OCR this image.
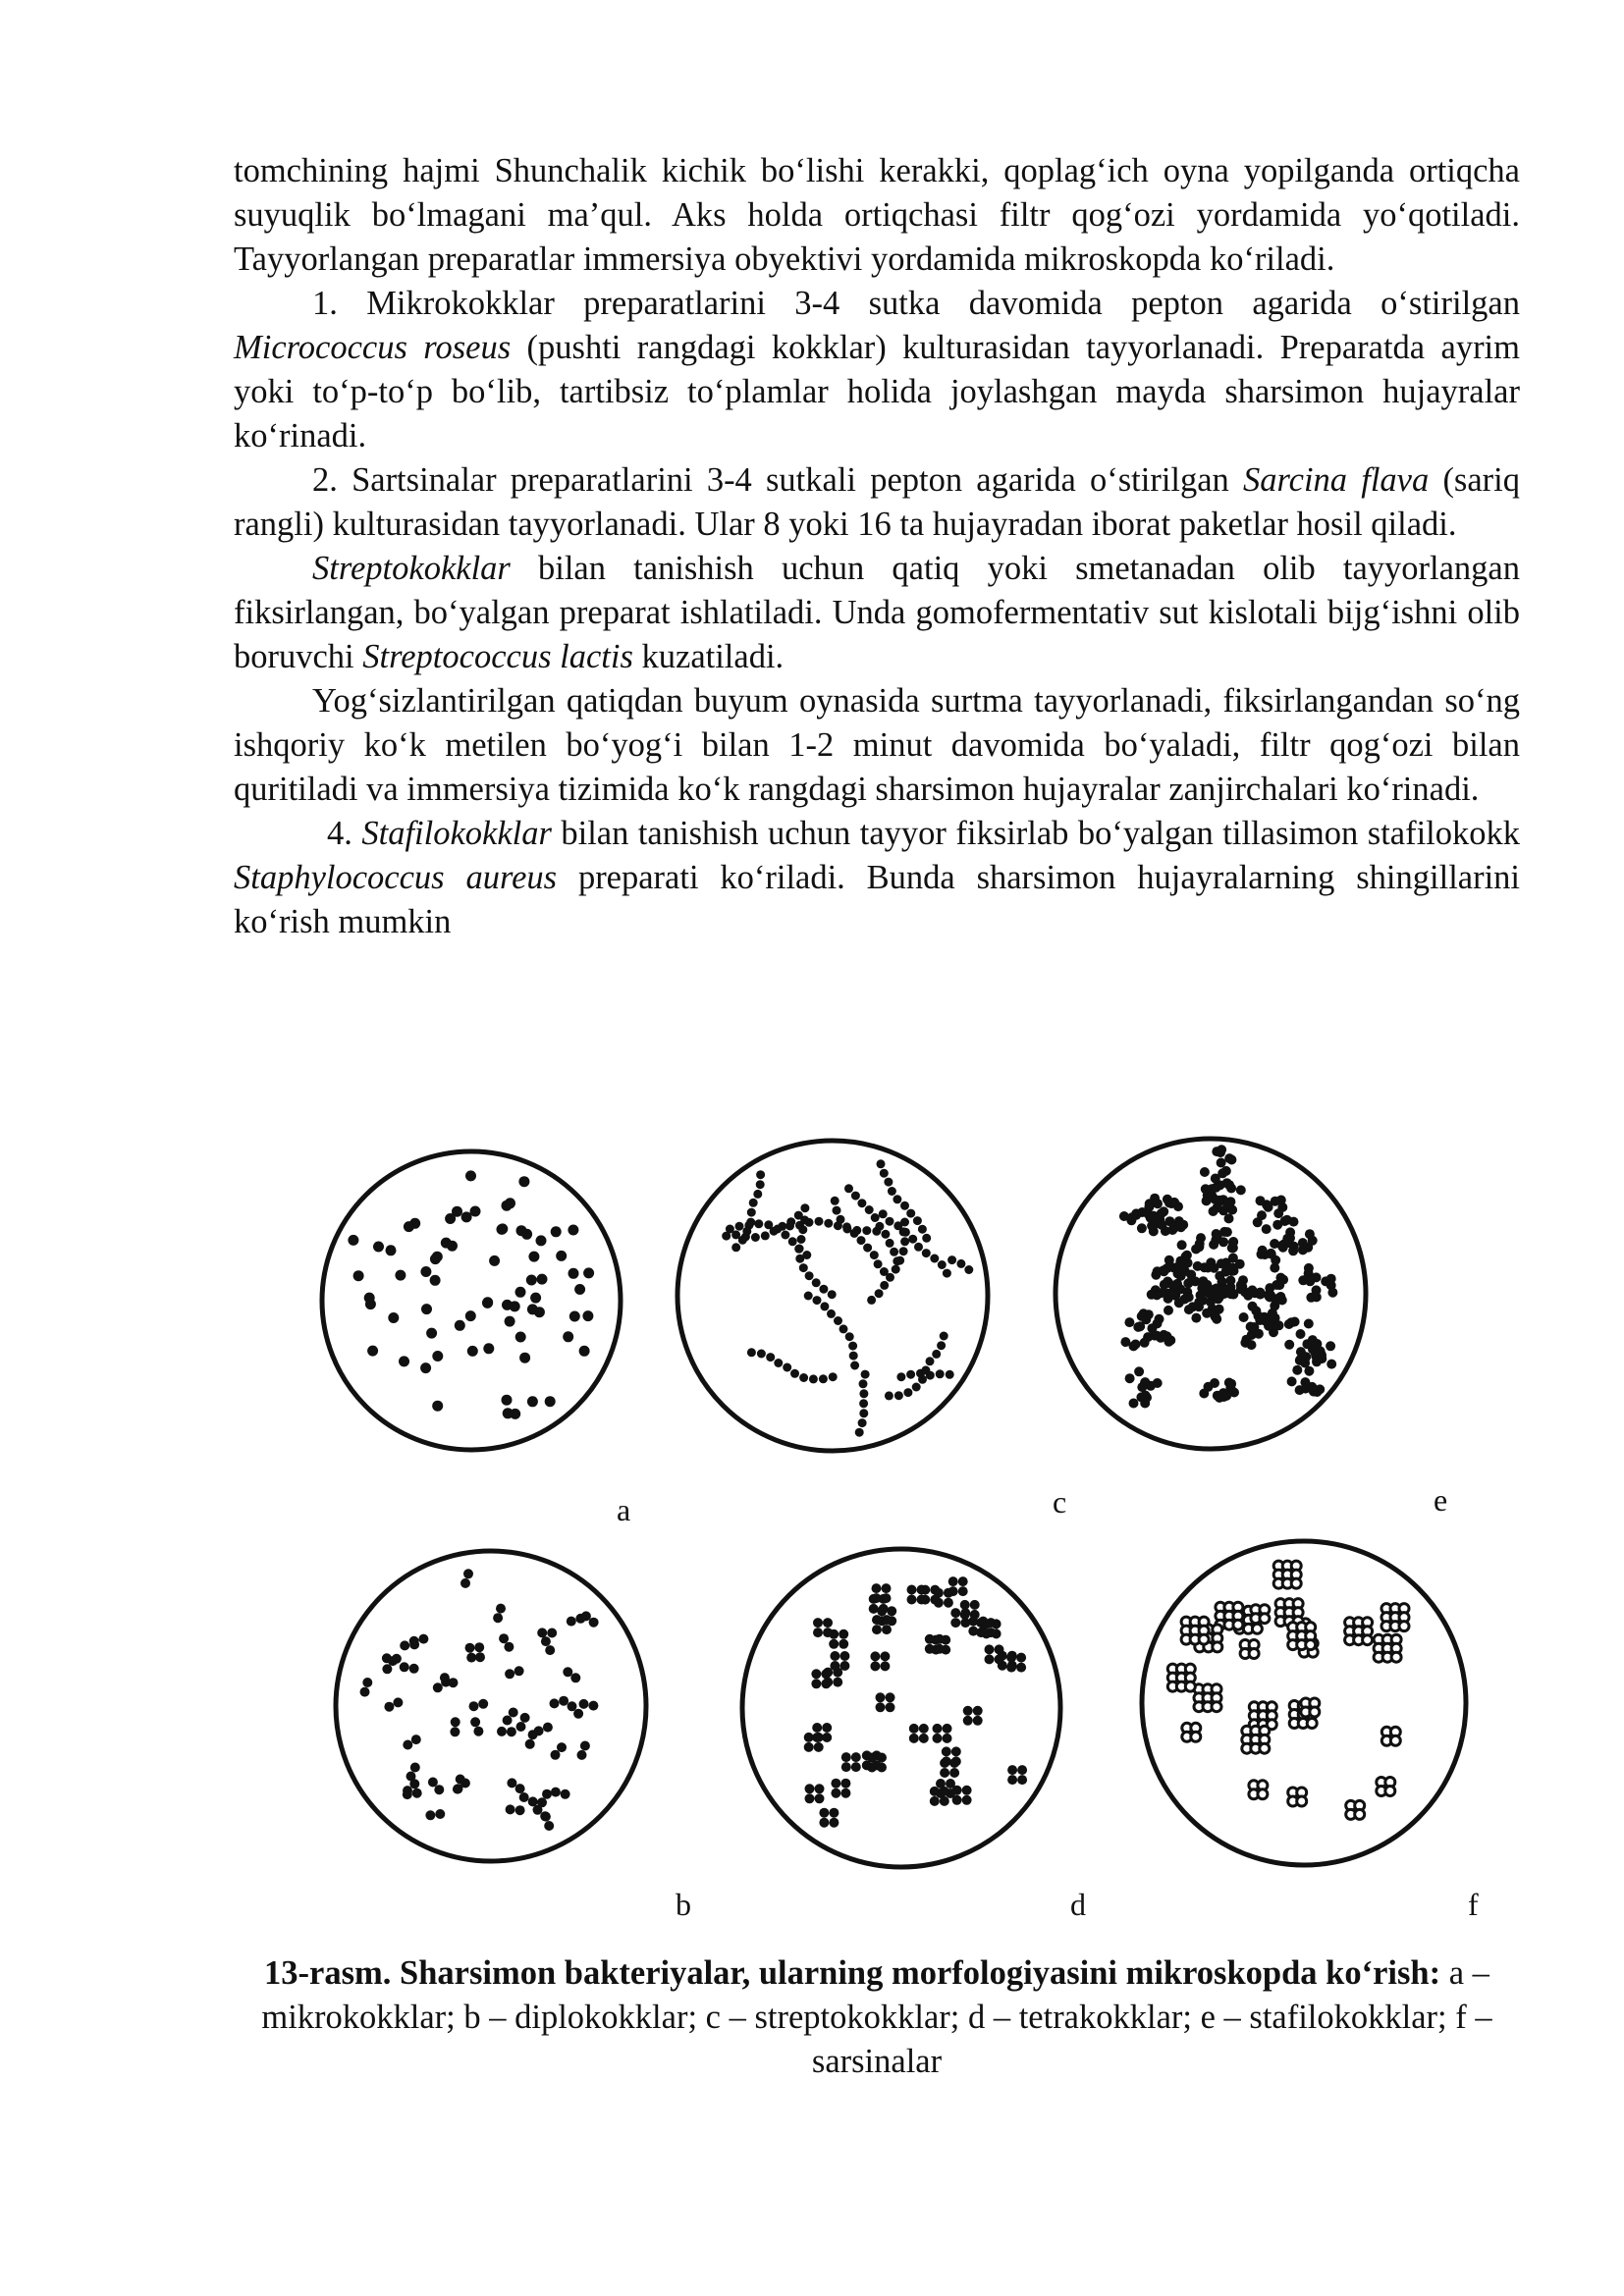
tomchining hajmi Shunchalik kichik bo‘lishi kerakki, qoplag‘ich oyna yopilganda ortiqcha suyuqlik bo‘lmagani ma’qul. Aks holda ortiqchasi filtr qog‘ozi yordamida yo‘qotiladi. Tayyorlangan preparatlar immersiya obyektivi yordamida mikroskopda ko‘riladi.

1. Mikrokokklar preparatlarini 3-4 sutka davomida pepton agarida o‘stirilgan Micrococcus roseus (pushti rangdagi kokklar) kulturasidan tayyorlanadi. Preparatda ayrim yoki to‘p-to‘p bo‘lib, tartibsiz to‘plamlar holida joylashgan mayda sharsimon hujayralar ko‘rinadi.

2. Sartsinalar preparatlarini 3-4 sutkali pepton agarida o‘stirilgan Sarcina flava (sariq rangli) kulturasidan tayyorlanadi. Ular 8 yoki 16 ta hujayradan iborat paketlar hosil qiladi.

Streptokokklar bilan tanishish uchun qatiq yoki smetanadan olib tayyorlangan fiksirlangan, bo‘yalgan preparat ishlatiladi. Unda gomofermentativ sut kislotali bijg‘ishni olib boruvchi Streptococcus lactis kuzatiladi.

Yog‘sizlantirilgan qatiqdan buyum oynasida surtma tayyorlanadi, fiksirlangandan so‘ng ishqoriy ko‘k metilen bo‘yog‘i bilan 1-2 minut davomida bo‘yaladi, filtr qog‘ozi bilan quritiladi va immersiya tizimida ko‘k rangdagi sharsimon hujayralar zanjirchalari ko‘rinadi.

4. Stafilokokklar bilan tanishish uchun tayyor fiksirlab bo‘yalgan tillasimon stafilokokk Staphylococcus aureus preparati ko‘riladi. Bunda sharsimon hujayralarning shingillarini ko‘rish mumkin

a	c	e
b	d	f
13-rasm. Sharsimon bakteriyalar, ularning morfologiyasini mikroskopda ko‘rish: a – mikrokokklar; b – diplokokklar; c – streptokokklar; d – tetrakokklar; e – stafilokokklar; f – sarsinalar
